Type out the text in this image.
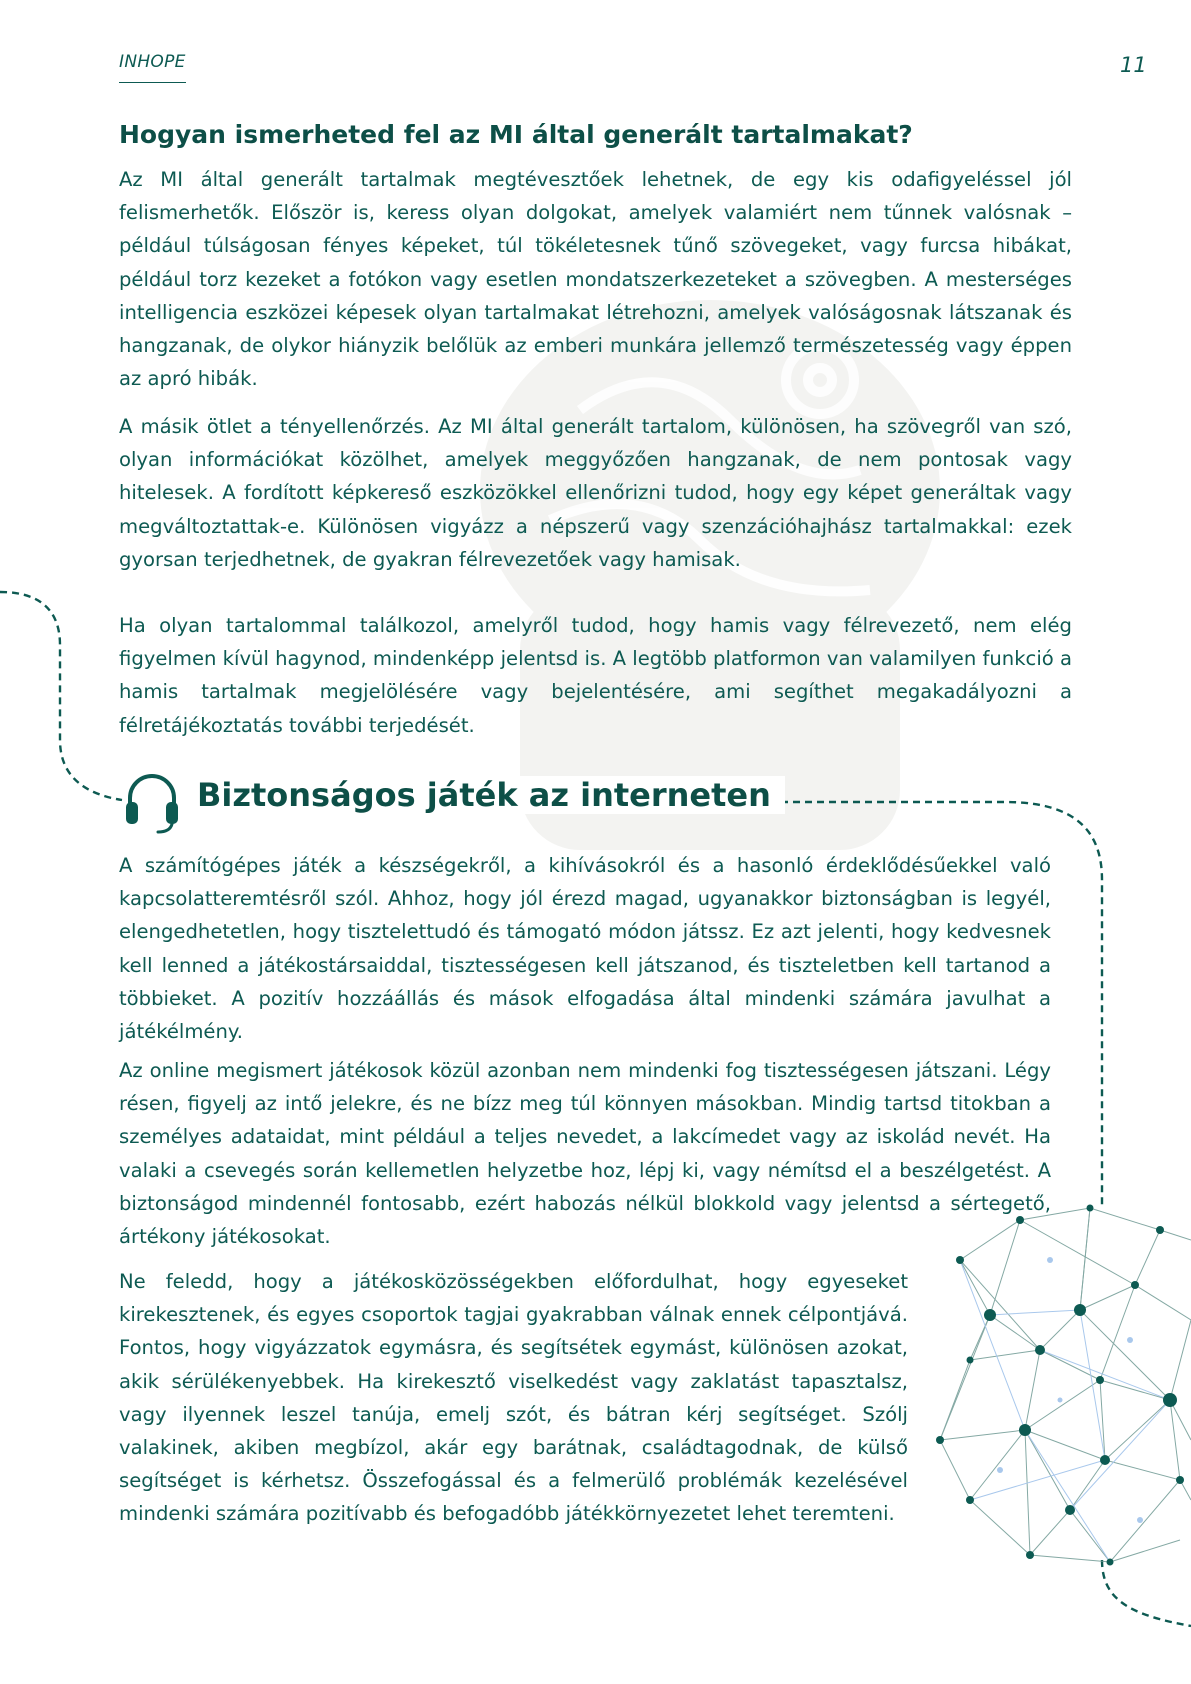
INHOPE	11
Hogyan ismerheted fel az MI által generált tartalmakat?

Az MI által generált tartalmak megtévesztőek lehetnek, de egy kis odafigyeléssel jól felismerhetők. Először is, keress olyan dolgokat, amelyek valamiért nem tűnnek valósnak – például túlságosan fényes képeket, túl tökéletesnek tűnő szövegeket, vagy furcsa hibákat, például torz kezeket a fotókon vagy esetlen mondatszerkezeteket a szövegben. A mesterséges intelligencia eszközei képesek olyan tartalmakat létrehozni, amelyek valóságosnak látszanak és hangzanak, de olykor hiányzik belőlük az emberi munkára jellemző természetesség vagy éppen az apró hibák.

A másik ötlet a tényellenőrzés. Az MI által generált tartalom, különösen, ha szövegről van szó, olyan információkat közölhet, amelyek meggyőzően hangzanak, de nem pontosak vagy hitelesek. A fordított képkereső eszközökkel ellenőrizni tudod, hogy egy képet generáltak vagy megváltoztattak-e. Különösen vigyázz a népszerű vagy szenzációhajhász tartalmakkal: ezek gyorsan terjedhetnek, de gyakran félrevezetőek vagy hamisak.

Ha olyan tartalommal találkozol, amelyről tudod, hogy hamis vagy félrevezető, nem elég figyelmen kívül hagynod, mindenképp jelentsd is. A legtöbb platformon van valamilyen funkció a hamis tartalmak megjelölésére vagy bejelentésére, ami segíthet megakadályozni a félretájékoztatás további terjedését.

Biztonságos játék az interneten

A számítógépes játék a készségekről, a kihívásokról és a hasonló érdeklődésűekkel való kapcsolatteremtésről szól. Ahhoz, hogy jól érezd magad, ugyanakkor biztonságban is legyél, elengedhetetlen, hogy tisztelettudó és támogató módon játssz. Ez azt jelenti, hogy kedvesnek kell lenned a játékostársaiddal, tisztességesen kell játszanod, és tiszteletben kell tartanod a többieket. A pozitív hozzáállás és mások elfogadása által mindenki számára javulhat a játékélmény.

Az online megismert játékosok közül azonban nem mindenki fog tisztességesen játszani. Légy résen, figyelj az intő jelekre, és ne bízz meg túl könnyen másokban. Mindig tartsd titokban a személyes adataidat, mint például a teljes nevedet, a lakcímedet vagy az iskolád nevét. Ha valaki a csevegés során kellemetlen helyzetbe hoz, lépj ki, vagy némítsd el a beszélgetést. A biztonságod mindennél fontosabb, ezért habozás nélkül blokkold vagy jelentsd a sértegető, ártékony játékosokat.

Ne feledd, hogy a játékosközösségekben előfordulhat, hogy egyeseket kirekesztenek, és egyes csoportok tagjai gyakrabban válnak ennek célpontjává. Fontos, hogy vigyázzatok egymásra, és segítsétek egymást, különösen azokat, akik sérülékenyebbek. Ha kirekesztő viselkedést vagy zaklatást tapasztalsz, vagy ilyennek leszel tanúja, emelj szót, és bátran kérj segítséget. Szólj valakinek, akiben megbízol, akár egy barátnak, családtagodnak, de külső segítséget is kérhetsz. Összefogással és a felmerülő problémák kezelésével mindenki számára pozitívabb és befogadóbb játékkörnyezetet lehet teremteni.
